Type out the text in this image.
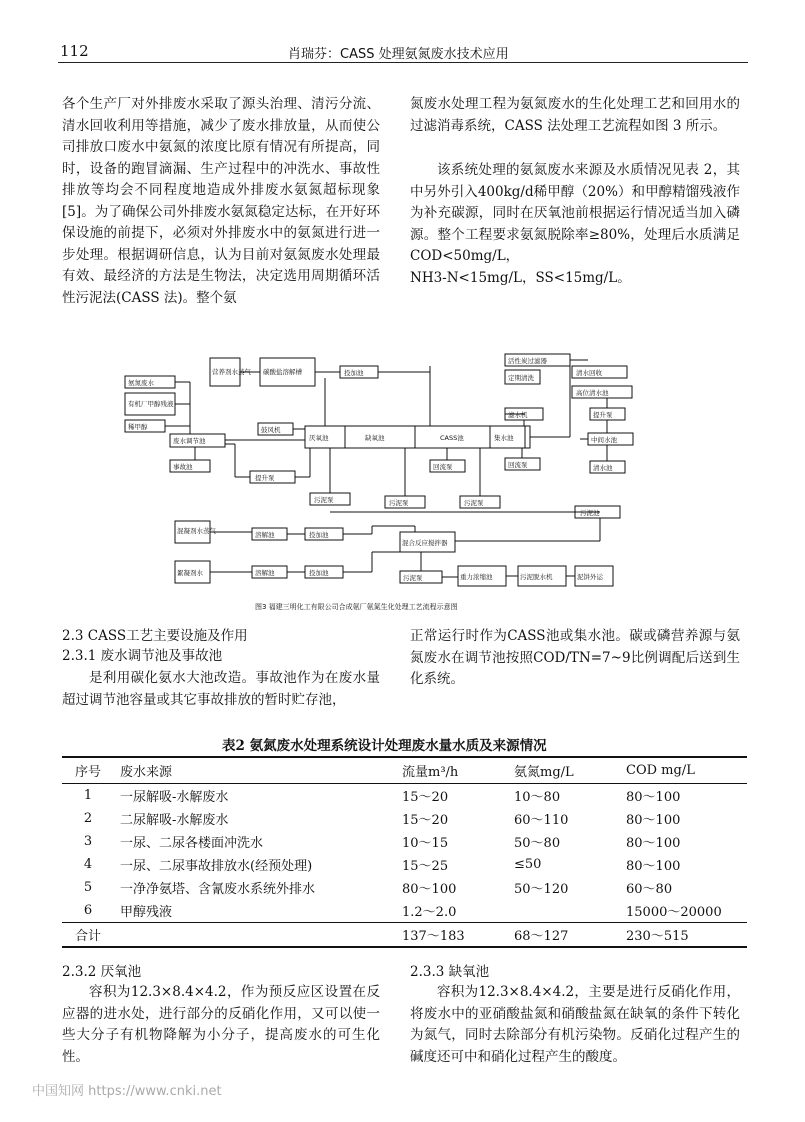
112	肖瑞芬：CASS 处理氨氮废水技术应用

各个生产厂对外排废水采取了源头治理、清污分流、清水回收利用等措施，减少了废水排放量，从而使公司排放口废水中氨氮的浓度比原有情况有所提高，同时，设备的跑冒滴漏、生产过程中的冲洗水、事故性排放等均会不同程度地造成外排废水氨氮超标现象[5]。为了确保公司外排废水氨氮稳定达标，在开好环保设施的前提下，必须对外排废水中的氨氮进行进一步处理。根据调研信息，认为目前对氨氮废水处理最有效、最经济的方法是生物法，决定选用周期循环活性污泥法(CASS 法)。整个氨

氮废水处理工程为氨氮废水的生化处理工艺和回用水的过滤消毒系统，CASS 法处理工艺流程如图 3 所示。

该系统处理的氨氮废水来源及水质情况见表 2，其中另外引入400kg/d稀甲醇（20%）和甲醇精馏残液作为补充碳源，同时在厌氧池前根据运行情况适当加入磷源。整个工程要求氨氮脱除率≥80%，处理后水质满足COD<50mg/L，

NH3-N<15mg/L，SS<15mg/L。

氨氮废水
有机厂甲醇残液
稀甲醇
废水调节池
事故池
提升泵
营养剂水蒸气 碳酸盐溶解槽	投加池
鼓风机
厌氧池	缺氧池	CASS池	集水池
滤水机
回流泵	回流泵
污泥泵	污泥泵	污泥泵
污泥池
活性炭过滤器
定期清洗
清水回收
高位清水池
提升泵
中间水池
清水池
混凝剂水蒸气	溶解池	投加池
混合反应搅拌器
絮凝剂水	溶解池	投加池
污泥泵	重力浓缩池	污泥脱水机	泥饼外运
图3 福建三明化工有限公司合成氨厂氨氮生化处理工艺流程示意图

2.3 CASS工艺主要设施及作用

2.3.1 废水调节池及事故池

是利用碳化氨水大池改造。事故池作为在废水量超过调节池容量或其它事故排放的暂时贮存池，

正常运行时作为CASS池或集水池。碳或磷营养源与氨氮废水在调节池按照COD/TN=7~9比例调配后送到生化系统。

表2 氨氮废水处理系统设计处理废水量水质及来源情况
序号	废水来源	流量m³/h	氨氮mg/L	COD mg/L
1	一尿解吸-水解废水	15～20	10～80	80～100
2	二尿解吸-水解废水	15～20	60～110	80～100
3	一尿、二尿各楼面冲洗水	10～15	50～80	80～100
4	一尿、二尿事故排放水(经预处理)	15～25	≤50	80～100
5	一净净氨塔、含氰废水系统外排水	80～100	50～120	60～80
6	甲醇残液	1.2～2.0		15000～20000
合计		137～183	68～127	230～515

2.3.2 厌氧池

容积为12.3×8.4×4.2，作为预反应区设置在反应器的进水处，进行部分的反硝化作用，又可以使一些大分子有机物降解为小分子，提高废水的可生化性。

2.3.3 缺氧池

容积为12.3×8.4×4.2，主要是进行反硝化作用，将废水中的亚硝酸盐氮和硝酸盐氮在缺氧的条件下转化为氮气，同时去除部分有机污染物。反硝化过程产生的碱度还可中和硝化过程产生的酸度。

中国知网 https://www.cnki.net
